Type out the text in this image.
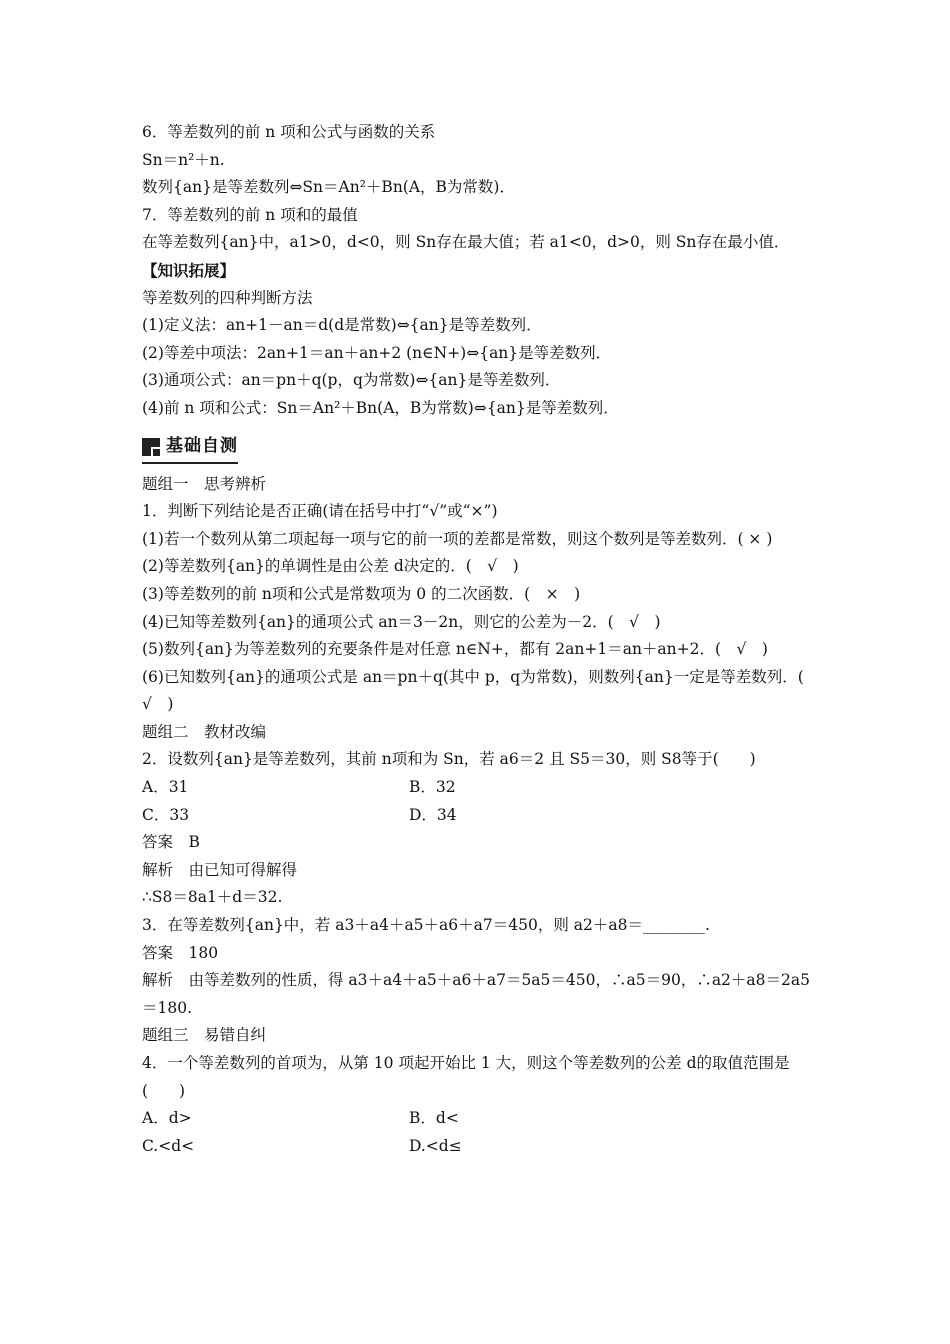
6．等差数列的前 n 项和公式与函数的关系
Sn＝n²＋n.
数列{an}是等差数列⇔Sn＝An²＋Bn(A，B为常数)．
7．等差数列的前 n 项和的最值
在等差数列{an}中，a1>0，d<0，则 Sn存在最大值；若 a1<0，d>0，则 Sn存在最小值．
【知识拓展】
等差数列的四种判断方法
(1)定义法：an+1－an＝d(d是常数)⇔{an}是等差数列．
(2)等差中项法：2an+1＝an＋an+2 (n∈N+)⇔{an}是等差数列．
(3)通项公式：an＝pn＋q(p，q为常数)⇔{an}是等差数列．
(4)前 n 项和公式：Sn＝An²＋Bn(A，B为常数)⇔{an}是等差数列．
基础自测
题组一　思考辨析
1．判断下列结论是否正确(请在括号中打“√”或“×”)
(1)若一个数列从第二项起每一项与它的前一项的差都是常数，则这个数列是等差数列．( × )
(2)等差数列{an}的单调性是由公差 d决定的．(　√　)
(3)等差数列的前 n项和公式是常数项为 0 的二次函数．(　×　)
(4)已知等差数列{an}的通项公式 an＝3－2n，则它的公差为－2．(　√　)
(5)数列{an}为等差数列的充要条件是对任意 n∈N+，都有 2an+1＝an＋an+2．(　√　)
(6)已知数列{an}的通项公式是 an＝pn＋q(其中 p，q为常数)，则数列{an}一定是等差数列．(　√　)
题组二　教材改编
2．设数列{an}是等差数列，其前 n项和为 Sn，若 a6＝2 且 S5＝30，则 S8等于(　　)
A．31	B．32
C．33	D．34
答案　B
解析　由已知可得解得
∴S8＝8a1＋d＝32.
3．在等差数列{an}中，若 a3＋a4＋a5＋a6＋a7＝450，则 a2＋a8＝________.
答案　180
解析　由等差数列的性质，得 a3＋a4＋a5＋a6＋a7＝5a5＝450，∴a5＝90，∴a2＋a8＝2a5＝180.
题组三　易错自纠
4．一个等差数列的首项为，从第 10 项起开始比 1 大，则这个等差数列的公差 d的取值范围是(　　)
A．d>	B．d<
C.<d<	D.<d≤
